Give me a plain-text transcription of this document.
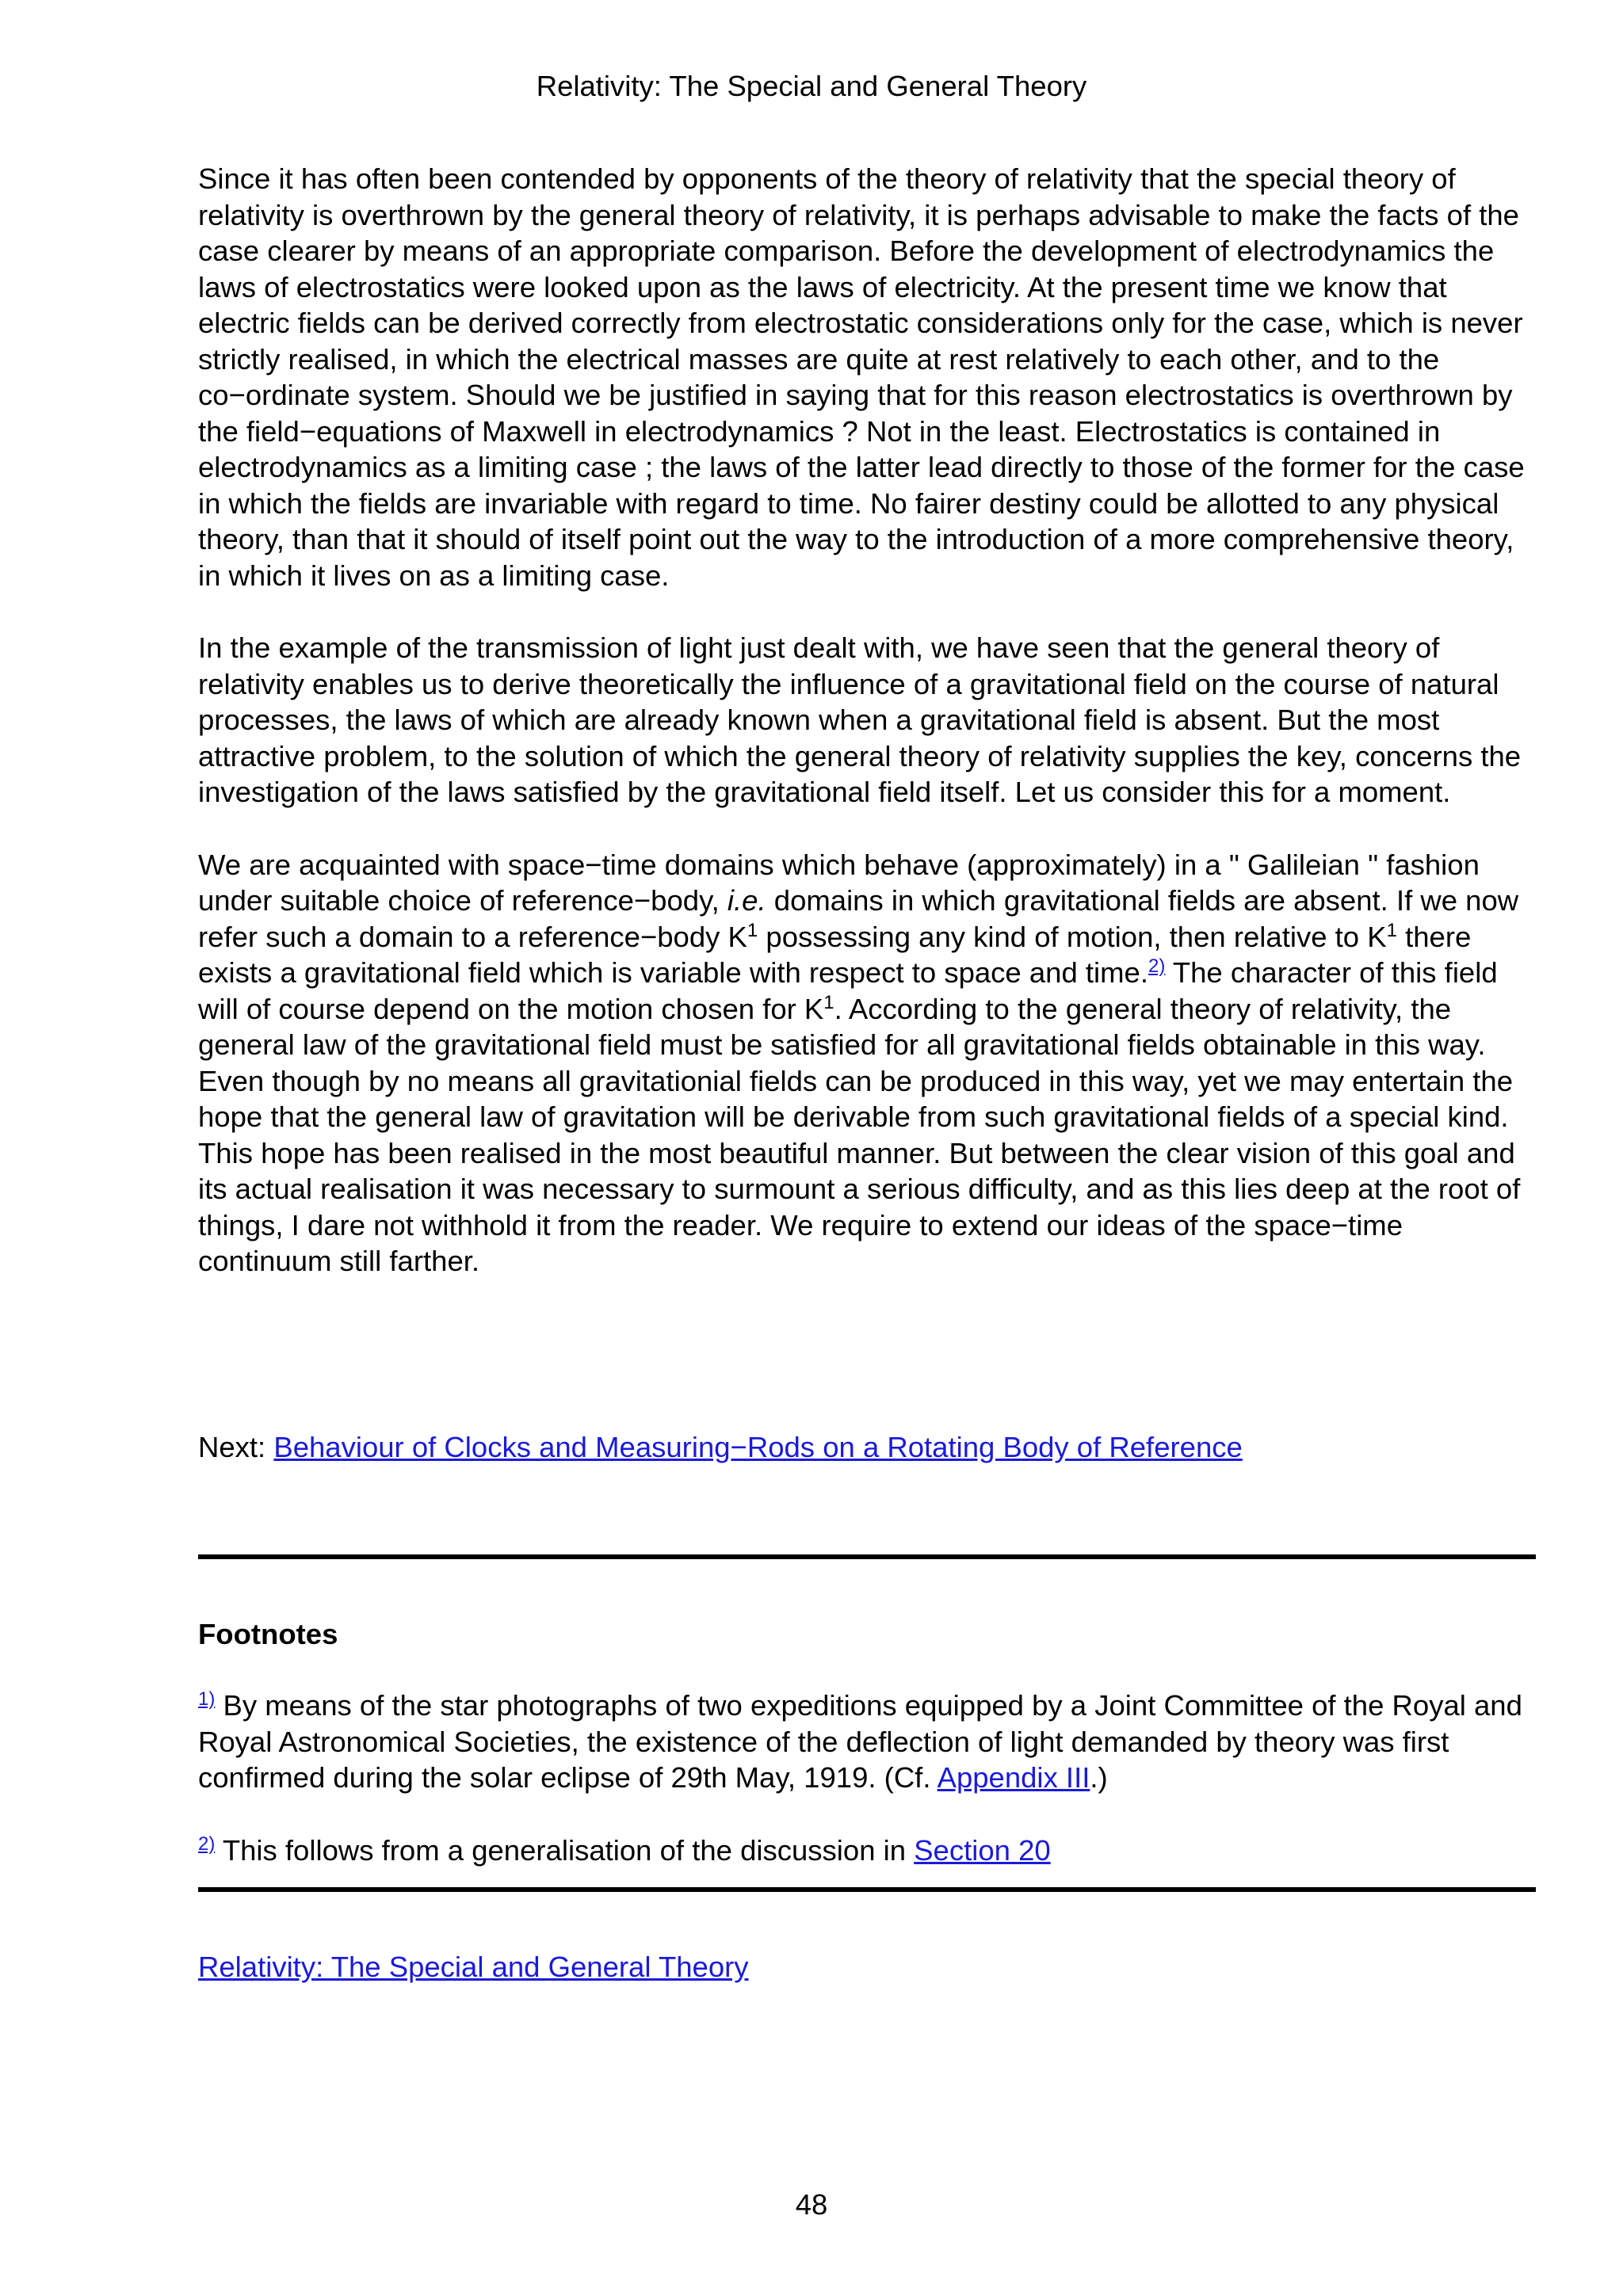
Relativity: The Special and General Theory

Since it has often been contended by opponents of the theory of relativity that the special theory of relativity is overthrown by the general theory of relativity, it is perhaps advisable to make the facts of the case clearer by means of an appropriate comparison. Before the development of electrodynamics the laws of electrostatics were looked upon as the laws of electricity. At the present time we know that electric fields can be derived correctly from electrostatic considerations only for the case, which is never strictly realised, in which the electrical masses are quite at rest relatively to each other, and to the co−ordinate system. Should we be justified in saying that for this reason electrostatics is overthrown by the field−equations of Maxwell in electrodynamics ? Not in the least. Electrostatics is contained in electrodynamics as a limiting case ; the laws of the latter lead directly to those of the former for the case in which the fields are invariable with regard to time. No fairer destiny could be allotted to any physical theory, than that it should of itself point out the way to the introduction of a more comprehensive theory, in which it lives on as a limiting case.

In the example of the transmission of light just dealt with, we have seen that the general theory of relativity enables us to derive theoretically the influence of a gravitational field on the course of natural processes, the laws of which are already known when a gravitational field is absent. But the most attractive problem, to the solution of which the general theory of relativity supplies the key, concerns the investigation of the laws satisfied by the gravitational field itself. Let us consider this for a moment.

We are acquainted with space−time domains which behave (approximately) in a " Galileian " fashion under suitable choice of reference−body, i.e. domains in which gravitational fields are absent. If we now refer such a domain to a reference−body $K^1$ possessing any kind of motion, then relative to $K^1$ there exists a gravitational field which is variable with respect to space and time.$^{2)}$ The character of this field will of course depend on the motion chosen for $K^1$. According to the general theory of relativity, the general law of the gravitational field must be satisfied for all gravitational fields obtainable in this way. Even though by no means all gravitationial fields can be produced in this way, yet we may entertain the hope that the general law of gravitation will be derivable from such gravitational fields of a special kind. This hope has been realised in the most beautiful manner. But between the clear vision of this goal and its actual realisation it was necessary to surmount a serious difficulty, and as this lies deep at the root of things, I dare not withhold it from the reader. We require to extend our ideas of the space−time continuum still farther.

Next: Behaviour of Clocks and Measuring−Rods on a Rotating Body of Reference
Footnotes
$^{1)}$ By means of the star photographs of two expeditions equipped by a Joint Committee of the Royal and Royal Astronomical Societies, the existence of the deflection of light demanded by theory was first confirmed during the solar eclipse of 29th May, 1919. (Cf. Appendix III.)
$^{2)}$ This follows from a generalisation of the discussion in Section 20
Relativity: The Special and General Theory
48
